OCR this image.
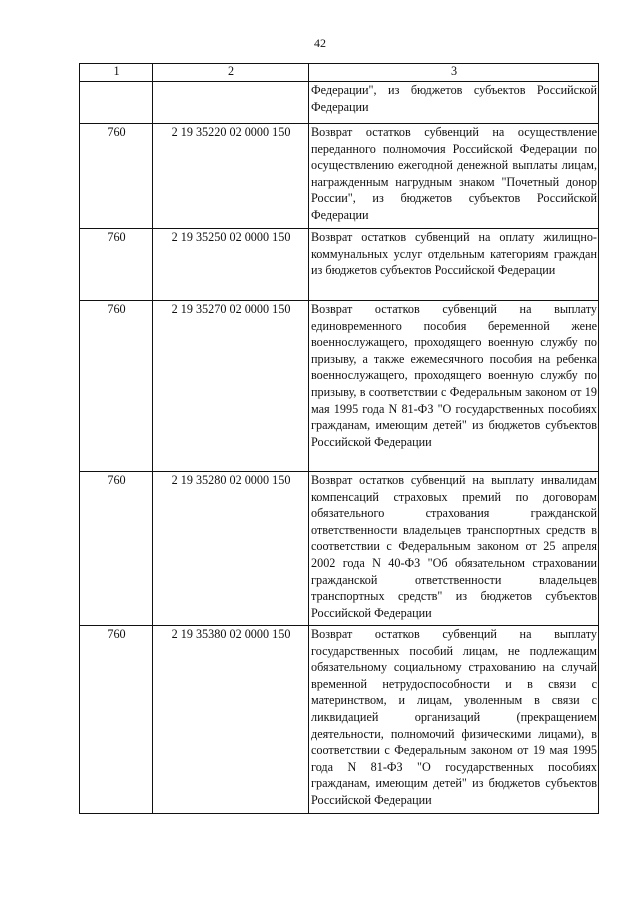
42
1	2	3
		Федерации", из бюджетов субъектов Российской Федерации
760	2 19 35220 02 0000 150	Возврат остатков субвенций на осуществление переданного полномочия Российской Федерации по осуществлению ежегодной денежной выплаты лицам, награжденным нагрудным знаком "Почетный донор России", из бюджетов субъектов Российской Федерации
760	2 19 35250 02 0000 150	Возврат остатков субвенций на оплату жилищно-коммунальных услуг отдельным категориям граждан из бюджетов субъектов Российской Федерации
760	2 19 35270 02 0000 150	Возврат остатков субвенций на выплату единовременного пособия беременной жене военнослужащего, проходящего военную службу по призыву, а также ежемесячного пособия на ребенка военнослужащего, проходящего военную службу по призыву, в соответствии с Федеральным законом от 19 мая 1995 года N 81-ФЗ "О государственных пособиях гражданам, имеющим детей" из бюджетов субъектов Российской Федерации
760	2 19 35280 02 0000 150	Возврат остатков субвенций на выплату инвалидам компенсаций страховых премий по договорам обязательного страхования гражданской ответственности владельцев транспортных средств в соответствии с Федеральным законом от 25 апреля 2002 года N 40-ФЗ "Об обязательном страховании гражданской ответственности владельцев транспортных средств" из бюджетов субъектов Российской Федерации
760	2 19 35380 02 0000 150	Возврат остатков субвенций на выплату государственных пособий лицам, не подлежащим обязательному социальному страхованию на случай временной нетрудоспособности и в связи с материнством, и лицам, уволенным в связи с ликвидацией организаций (прекращением деятельности, полномочий физическими лицами), в соответствии с Федеральным законом от 19 мая 1995 года N 81-ФЗ "О государственных пособиях гражданам, имеющим детей" из бюджетов субъектов Российской Федерации
